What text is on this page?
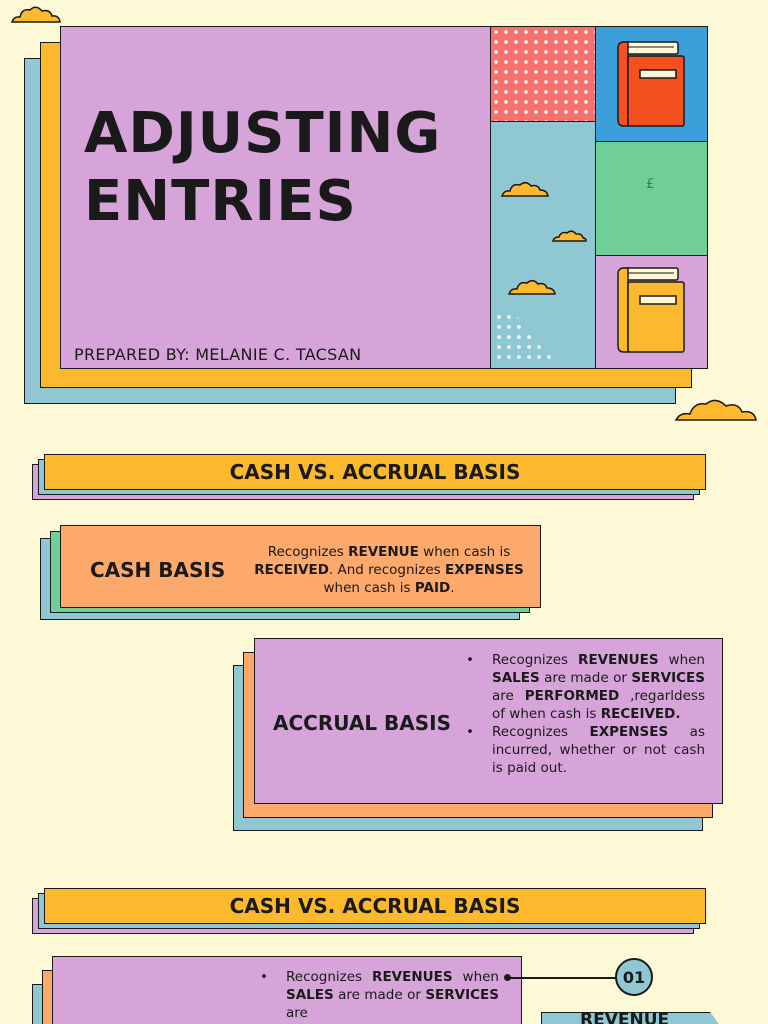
ADJUSTING
ENTRIES
PREPARED BY: MELANIE C. TACSAN
£
CASH VS. ACCRUAL BASIS
CASH BASIS
Recognizes REVENUE when cash is RECEIVED. And recognizes EXPENSES when cash is PAID.
ACCRUAL BASIS
• Recognizes REVENUES when SALES are made or SERVICES are PERFORMED ,regarldess of when cash is RECEIVED.
• Recognizes EXPENSES as incurred, whether or not cash is paid out.
CASH VS. ACCRUAL BASIS
• Recognizes REVENUES when SALES are made or SERVICES are
01
REVENUE
